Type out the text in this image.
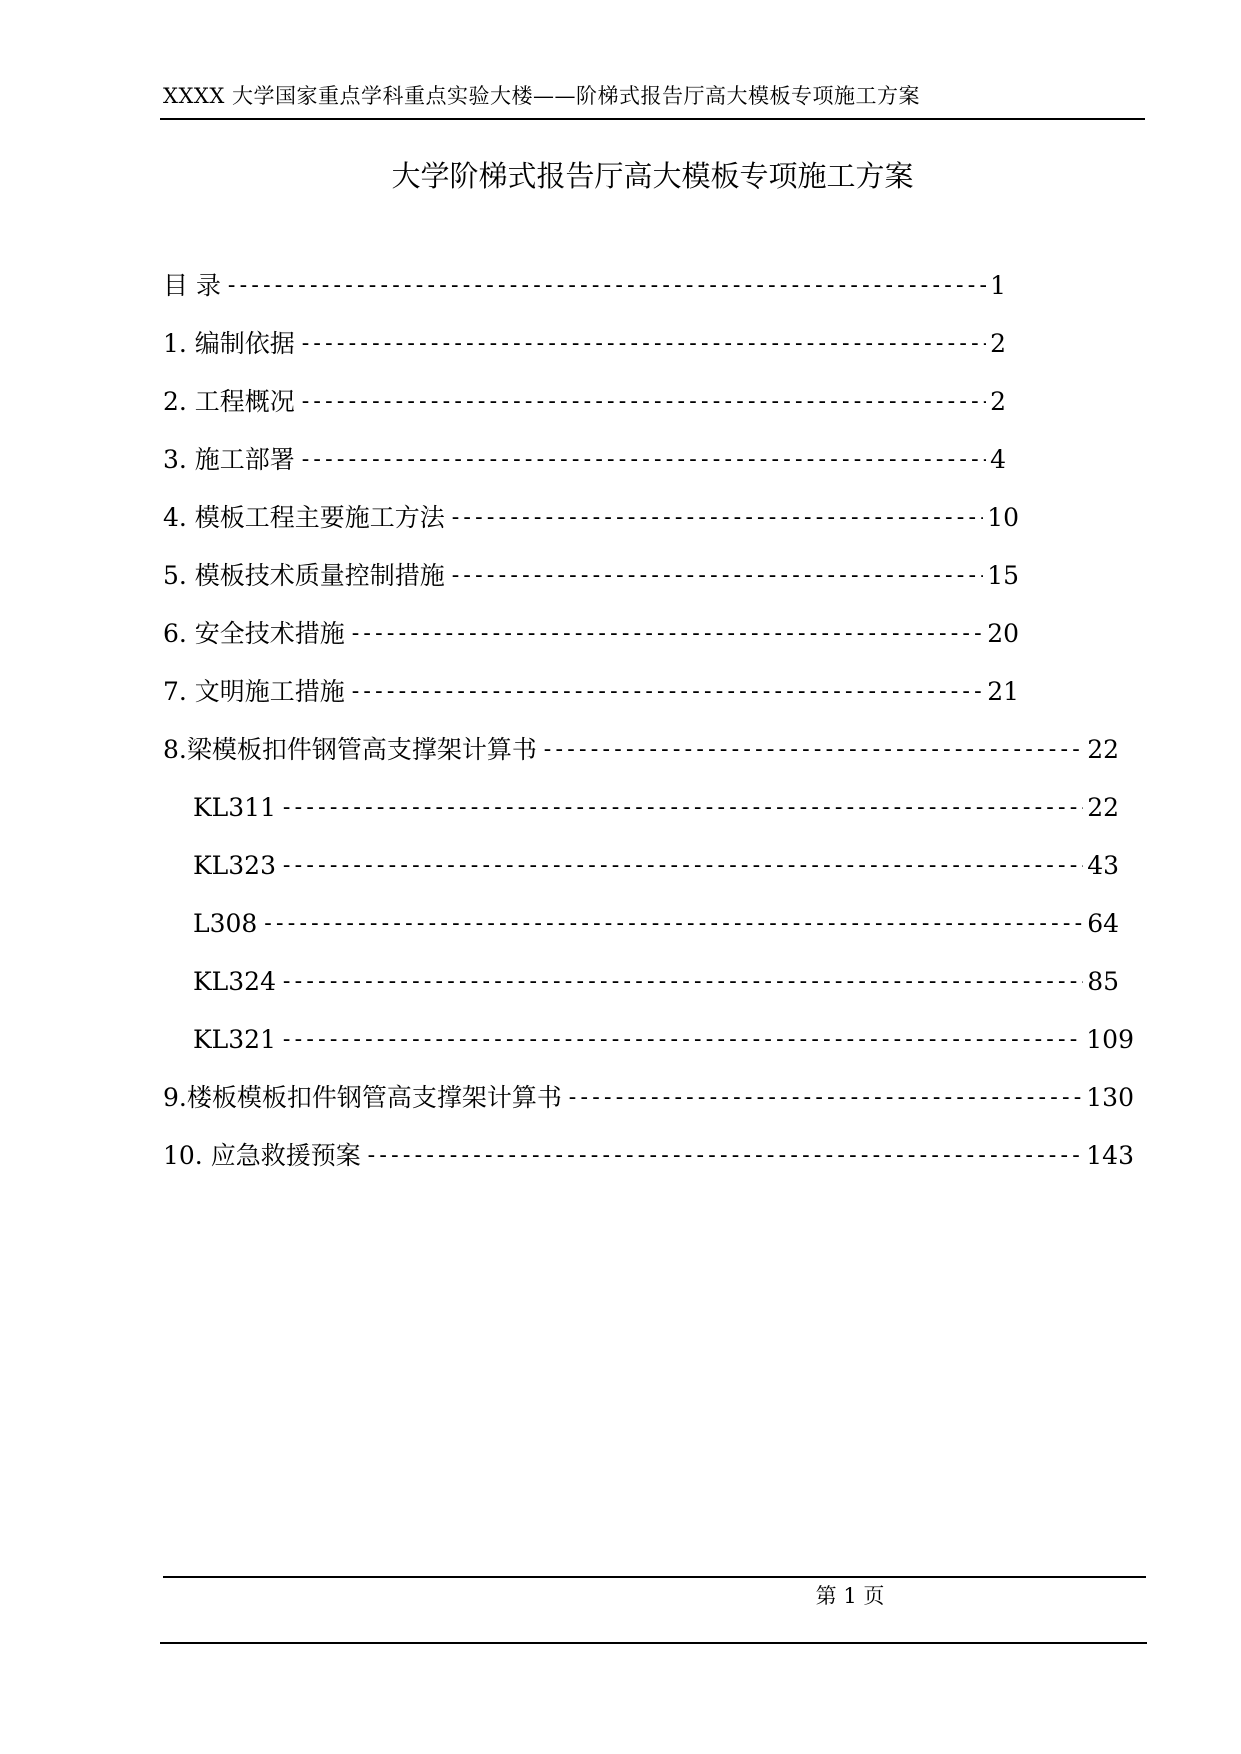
XXXX 大学国家重点学科重点实验大楼——阶梯式报告厅高大模板专项施工方案
大学阶梯式报告厅高大模板专项施工方案
目 录 -----	1
1. 编制依据 -----	2
2. 工程概况 -----	2
3. 施工部署 -----	4
4. 模板工程主要施工方法 -----	10
5. 模板技术质量控制措施 -----	15
6. 安全技术措施 -----	20
7. 文明施工措施 -----	21
8.梁模板扣件钢管高支撑架计算书 -----	22
KL311 -----	22
KL323 -----	43
L308 -----	64
KL324 -----	85
KL321 -----	109
9.楼板模板扣件钢管高支撑架计算书 -----	130
10. 应急救援预案 -----	143
第 1 页
